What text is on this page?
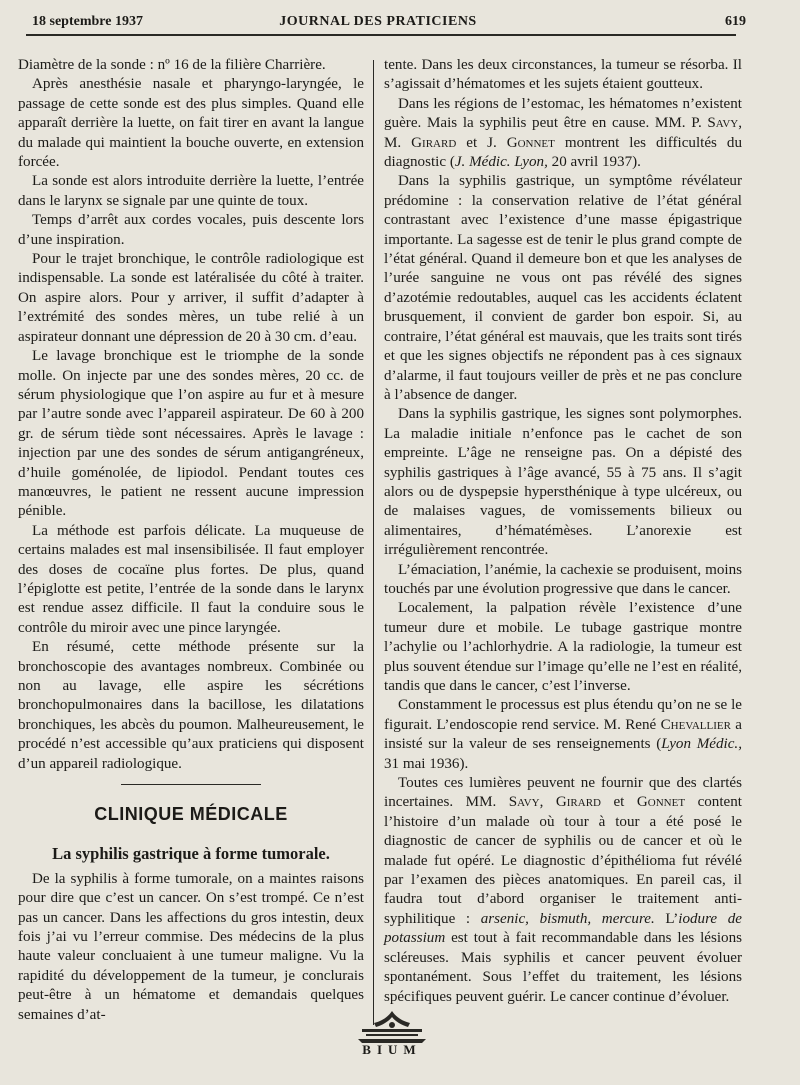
18 septembre 1937	JOURNAL DES PRATICIENS	619

Diamètre de la sonde : nº 16 de la filière Charrière.

Après anesthésie nasale et pharyngo-laryngée, le passage de cette sonde est des plus simples. Quand elle apparaît derrière la luette, on fait tirer en avant la langue du malade qui maintient la bouche ouverte, en extension forcée.

La sonde est alors introduite derrière la luette, l’entrée dans le larynx se signale par une quinte de toux.

Temps d’arrêt aux cordes vocales, puis descente lors d’une inspiration.

Pour le trajet bronchique, le contrôle radiologique est indispensable. La sonde est latéralisée du côté à traiter. On aspire alors. Pour y arriver, il suffit d’adapter à l’extrémité des sondes mères, un tube relié à un aspirateur donnant une dépression de 20 à 30 cm. d’eau.

Le lavage bronchique est le triomphe de la sonde molle. On injecte par une des sondes mères, 20 cc. de sérum physiologique que l’on aspire au fur et à mesure par l’autre sonde avec l’appareil aspirateur. De 60 à 200 gr. de sérum tiède sont nécessaires. Après le lavage : injection par une des sondes de sérum antigangréneux, d’huile goménolée, de lipiodol. Pendant toutes ces manœuvres, le patient ne ressent aucune impression pénible.

La méthode est parfois délicate. La muqueuse de certains malades est mal insensibilisée. Il faut employer des doses de cocaïne plus fortes. De plus, quand l’épiglotte est petite, l’entrée de la sonde dans le larynx est rendue assez difficile. Il faut la conduire sous le contrôle du miroir avec une pince laryngée.

En résumé, cette méthode présente sur la bronchoscopie des avantages nombreux. Combinée ou non au lavage, elle aspire les sécrétions bronchopulmonaires dans la bacillose, les dilatations bronchiques, les abcès du poumon. Malheureusement, le procédé n’est accessible qu’aux praticiens qui disposent d’un appareil radiologique.

CLINIQUE MÉDICALE
La syphilis gastrique à forme tumorale.

De la syphilis à forme tumorale, on a maintes raisons pour dire que c’est un cancer. On s’est trompé. Ce n’est pas un cancer. Dans les affections du gros intestin, deux fois j’ai vu l’erreur commise. Des médecins de la plus haute valeur concluaient à une tumeur maligne. Vu la rapidité du développement de la tumeur, je conclurais peut-être à un hématome et demandais quelques semaines d’at-

tente. Dans les deux circonstances, la tumeur se résorba. Il s’agissait d’hématomes et les sujets étaient goutteux.

Dans les régions de l’estomac, les hématomes n’existent guère. Mais la syphilis peut être en cause. MM. P. Savy, M. Girard et J. Gonnet montrent les difficultés du diagnostic (J. Médic. Lyon, 20 avril 1937).

Dans la syphilis gastrique, un symptôme révélateur prédomine : la conservation relative de l’état général contrastant avec l’existence d’une masse épigastrique importante. La sagesse est de tenir le plus grand compte de l’état général. Quand il demeure bon et que les analyses de l’urée sanguine ne vous ont pas révélé des signes d’azotémie redoutables, auquel cas les accidents éclatent brusquement, il convient de garder bon espoir. Si, au contraire, l’état général est mauvais, que les traits sont tirés et que les signes objectifs ne répondent pas à ces signaux d’alarme, il faut toujours veiller de près et ne pas conclure à l’absence de danger.

Dans la syphilis gastrique, les signes sont polymorphes. La maladie initiale n’enfonce pas le cachet de son empreinte. L’âge ne renseigne pas. On a dépisté des syphilis gastriques à l’âge avancé, 55 à 75 ans. Il s’agit alors ou de dyspepsie hypersthénique à type ulcéreux, ou de malaises vagues, de vomissements bilieux ou alimentaires, d’hématémèses. L’anorexie est irrégulièrement rencontrée.

L’émaciation, l’anémie, la cachexie se produisent, moins touchés par une évolution progressive que dans le cancer.

Localement, la palpation révèle l’existence d’une tumeur dure et mobile. Le tubage gastrique montre l’achylie ou l’achlorhydrie. A la radiologie, la tumeur est plus souvent étendue sur l’image qu’elle ne l’est en réalité, tandis que dans le cancer, c’est l’inverse.

Constamment le processus est plus étendu qu’on ne se le figurait. L’endoscopie rend service. M. René Chevallier a insisté sur la valeur de ses renseignements (Lyon Médic., 31 mai 1936).

Toutes ces lumières peuvent ne fournir que des clartés incertaines. MM. Savy, Girard et Gonnet content l’histoire d’un malade où tour à tour a été posé le diagnostic de cancer de syphilis ou de cancer et où le malade fut opéré. Le diagnostic d’épithélioma fut révélé par l’examen des pièces anatomiques. En pareil cas, il faudra tout d’abord organiser le traitement anti-syphilitique : arsenic, bismuth, mercure. L’iodure de potassium est tout à fait recommandable dans les lésions scléreuses. Mais syphilis et cancer peuvent évoluer spontanément. Sous l’effet du traitement, les lésions spécifiques peuvent guérir. Le cancer continue d’évoluer.

BIUM
